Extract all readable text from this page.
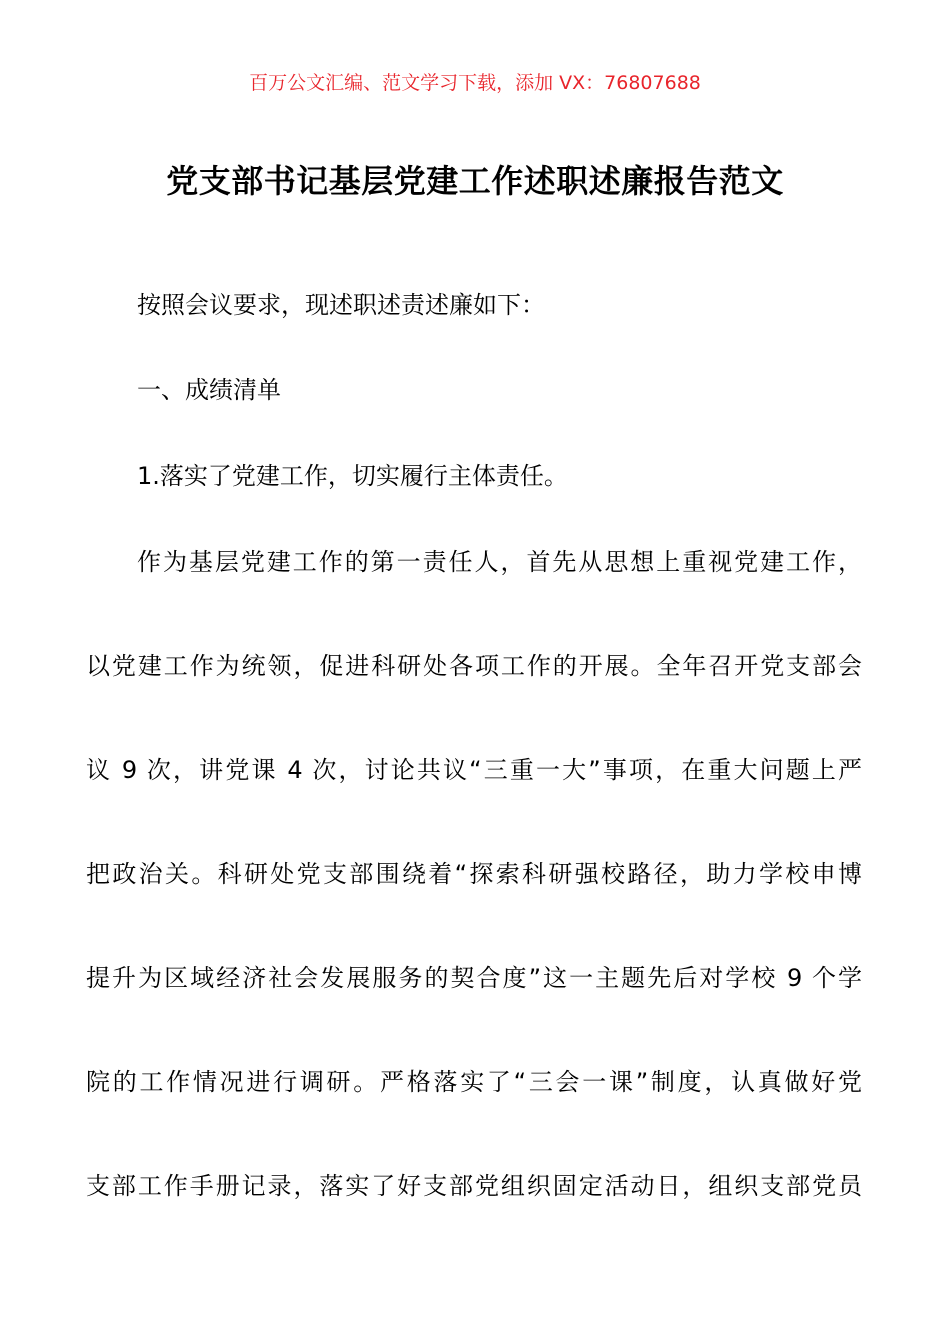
百万公文汇编、范文学习下载，添加 VX：76807688
党支部书记基层党建工作述职述廉报告范文
按照会议要求，现述职述责述廉如下：
一、成绩清单
1.落实了党建工作，切实履行主体责任。
作为基层党建工作的第一责任人，首先从思想上重视党建工作，
以党建工作为统领，促进科研处各项工作的开展。全年召开党支部会
议 9 次，讲党课 4 次，讨论共议“三重一大”事项，在重大问题上严
把政治关。科研处党支部围绕着“探索科研强校路径，助力学校申博
提升为区域经济社会发展服务的契合度”这一主题先后对学校 9 个学
院的工作情况进行调研。严格落实了“三会一课”制度，认真做好党
支部工作手册记录，落实了好支部党组织固定活动日，组织支部党员
